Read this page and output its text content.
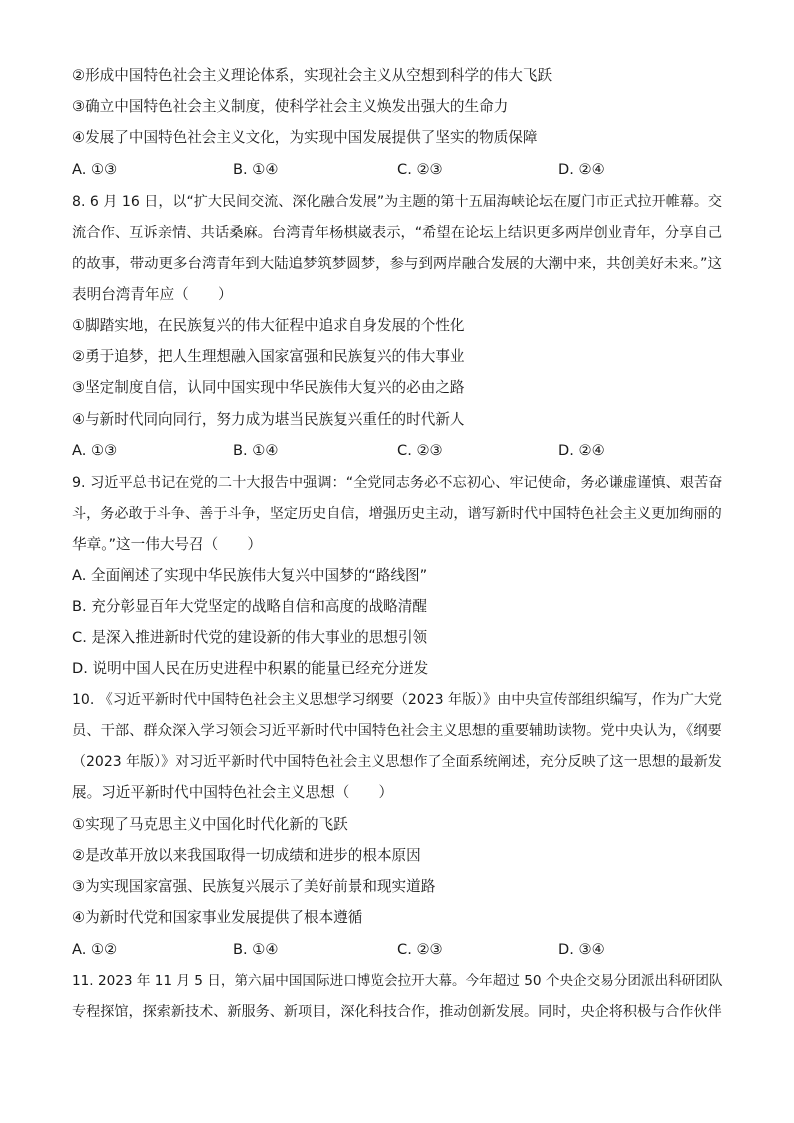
②形成中国特色社会主义理论体系，实现社会主义从空想到科学的伟大飞跃
③确立中国特色社会主义制度，使科学社会主义焕发出强大的生命力
④发展了中国特色社会主义文化，为实现中国发展提供了坚实的物质保障
A. ①③	B. ①④	C. ②③	D. ②④
8. 6 月 16 日，以“扩大民间交流、深化融合发展”为主题的第十五届海峡论坛在厦门市正式拉开帷幕。交
流合作、互诉亲情、共话桑麻。台湾青年杨棋崴表示，“希望在论坛上结识更多两岸创业青年，分享自己
的故事，带动更多台湾青年到大陆追梦筑梦圆梦，参与到两岸融合发展的大潮中来，共创美好未来。”这
表明台湾青年应（　　）
①脚踏实地，在民族复兴的伟大征程中追求自身发展的个性化
②勇于追梦，把人生理想融入国家富强和民族复兴的伟大事业
③坚定制度自信，认同中国实现中华民族伟大复兴的必由之路
④与新时代同向同行，努力成为堪当民族复兴重任的时代新人
A. ①③	B. ①④	C. ②③	D. ②④
9. 习近平总书记在党的二十大报告中强调：“全党同志务必不忘初心、牢记使命，务必谦虚谨慎、艰苦奋
斗，务必敢于斗争、善于斗争，坚定历史自信，增强历史主动，谱写新时代中国特色社会主义更加绚丽的
华章。”这一伟大号召（　　）
A. 全面阐述了实现中华民族伟大复兴中国梦的“路线图”
B. 充分彰显百年大党坚定的战略自信和高度的战略清醒
C. 是深入推进新时代党的建设新的伟大事业的思想引领
D. 说明中国人民在历史进程中积累的能量已经充分迸发
10. 《习近平新时代中国特色社会主义思想学习纲要（2023 年版）》由中央宣传部组织编写，作为广大党
员、干部、群众深入学习领会习近平新时代中国特色社会主义思想的重要辅助读物。党中央认为，《纲要
（2023 年版）》对习近平新时代中国特色社会主义思想作了全面系统阐述，充分反映了这一思想的最新发
展。习近平新时代中国特色社会主义思想（　　）
①实现了马克思主义中国化时代化新的飞跃
②是改革开放以来我国取得一切成绩和进步的根本原因
③为实现国家富强、民族复兴展示了美好前景和现实道路
④为新时代党和国家事业发展提供了根本遵循
A. ①②	B. ①④	C. ②③	D. ③④
11. 2023 年 11 月 5 日，第六届中国国际进口博览会拉开大幕。今年超过 50 个央企交易分团派出科研团队
专程探馆，探索新技术、新服务、新项目，深化科技合作，推动创新发展。同时，央企将积极与合作伙伴
